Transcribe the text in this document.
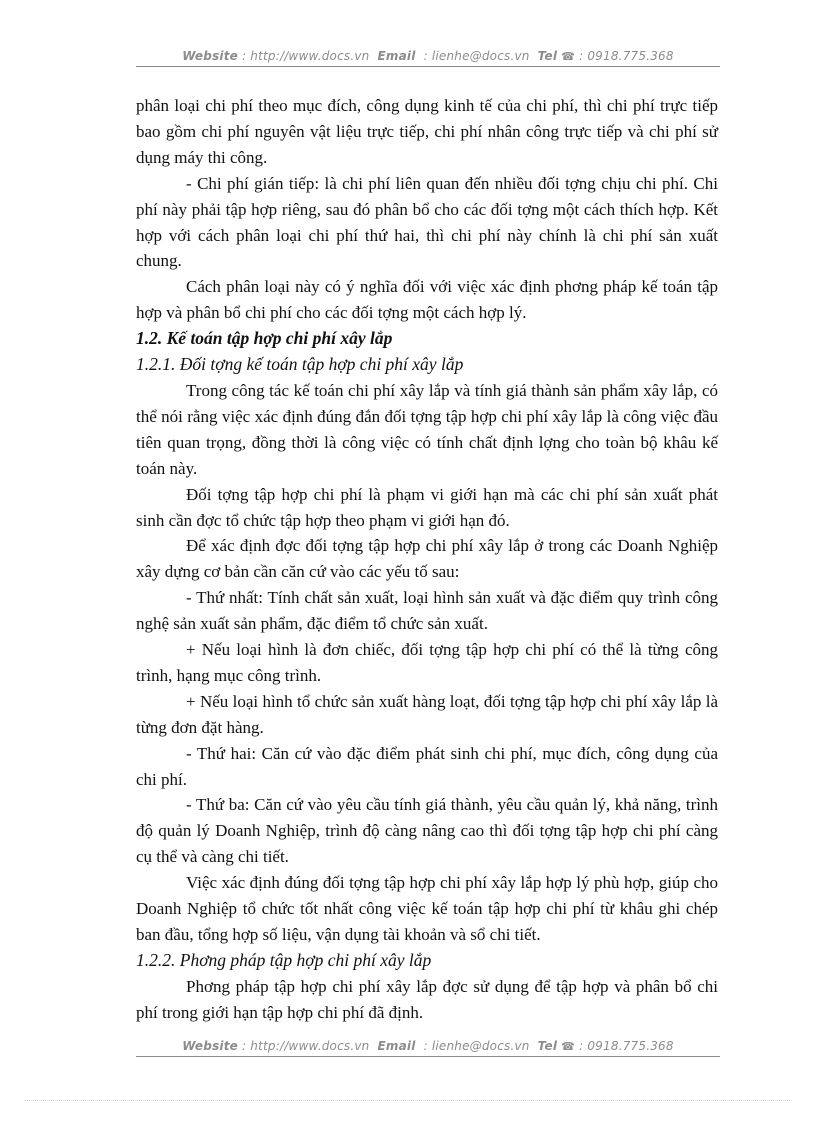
Website : http://www.docs.vn Email : lienhe@docs.vn Tel ☎ : 0918.775.368

phân loại chi phí theo mục đích, công dụng kinh tế của chi phí, thì chi phí trực tiếp bao gồm chi phí nguyên vật liệu trực tiếp, chi phí nhân công trực tiếp và chi phí sử dụng máy thi công.

- Chi phí gián tiếp: là chi phí liên quan đến nhiều đối tợng chịu chi phí. Chi phí này phải tập hợp riêng, sau đó phân bổ cho các đối tợng một cách thích hợp. Kết hợp với cách phân loại chi phí thứ hai, thì chi phí này chính là chi phí sản xuất chung.

Cách phân loại này có ý nghĩa đối với việc xác định phơng pháp kế toán tập hợp và phân bổ chi phí cho các đối tợng một cách hợp lý.

1.2. Kế toán tập hợp chi phí xây lắp

1.2.1. Đối tợng kế toán tập hợp chi phí xây lắp

Trong công tác kế toán chi phí xây lắp và tính giá thành sản phẩm xây lắp, có thể nói rằng việc xác định đúng đắn đối tợng tập hợp chi phí xây lắp là công việc đầu tiên quan trọng, đồng thời là công việc có tính chất định lợng cho toàn bộ khâu kế toán này.

Đối tợng tập hợp chi phí là phạm vi giới hạn mà các chi phí sản xuất phát sinh cần đợc tổ chức tập hợp theo phạm vi giới hạn đó.

Để xác định đợc đối tợng tập hợp chi phí xây lắp ở trong các Doanh Nghiệp xây dựng cơ bản cần căn cứ vào các yếu tố sau:

- Thứ nhất: Tính chất sản xuất, loại hình sản xuất và đặc điểm quy trình công nghệ sản xuất sản phẩm, đặc điểm tổ chức sản xuất.

+ Nếu loại hình là đơn chiếc, đối tợng tập hợp chi phí có thể là từng công trình, hạng mục công trình.

+ Nếu loại hình tổ chức sản xuất hàng loạt, đối tợng tập hợp chi phí xây lắp là từng đơn đặt hàng.

- Thứ hai: Căn cứ vào đặc điểm phát sinh chi phí, mục đích, công dụng của chi phí.

- Thứ ba: Căn cứ vào yêu cầu tính giá thành, yêu cầu quản lý, khả năng, trình độ quản lý Doanh Nghiệp, trình độ càng nâng cao thì đối tợng tập hợp chi phí càng cụ thể và càng chi tiết.

Việc xác định đúng đối tợng tập hợp chi phí xây lắp hợp lý phù hợp, giúp cho Doanh Nghiệp tổ chức tốt nhất công việc kế toán tập hợp chi phí từ khâu ghi chép ban đầu, tổng hợp số liệu, vận dụng tài khoản và sổ chi tiết.

1.2.2. Phơng pháp tập hợp chi phí xây lắp

Phơng pháp tập hợp chi phí xây lắp đợc sử dụng để tập hợp và phân bổ chi phí trong giới hạn tập hợp chi phí đã định.

Website : http://www.docs.vn Email : lienhe@docs.vn Tel ☎ : 0918.775.368
